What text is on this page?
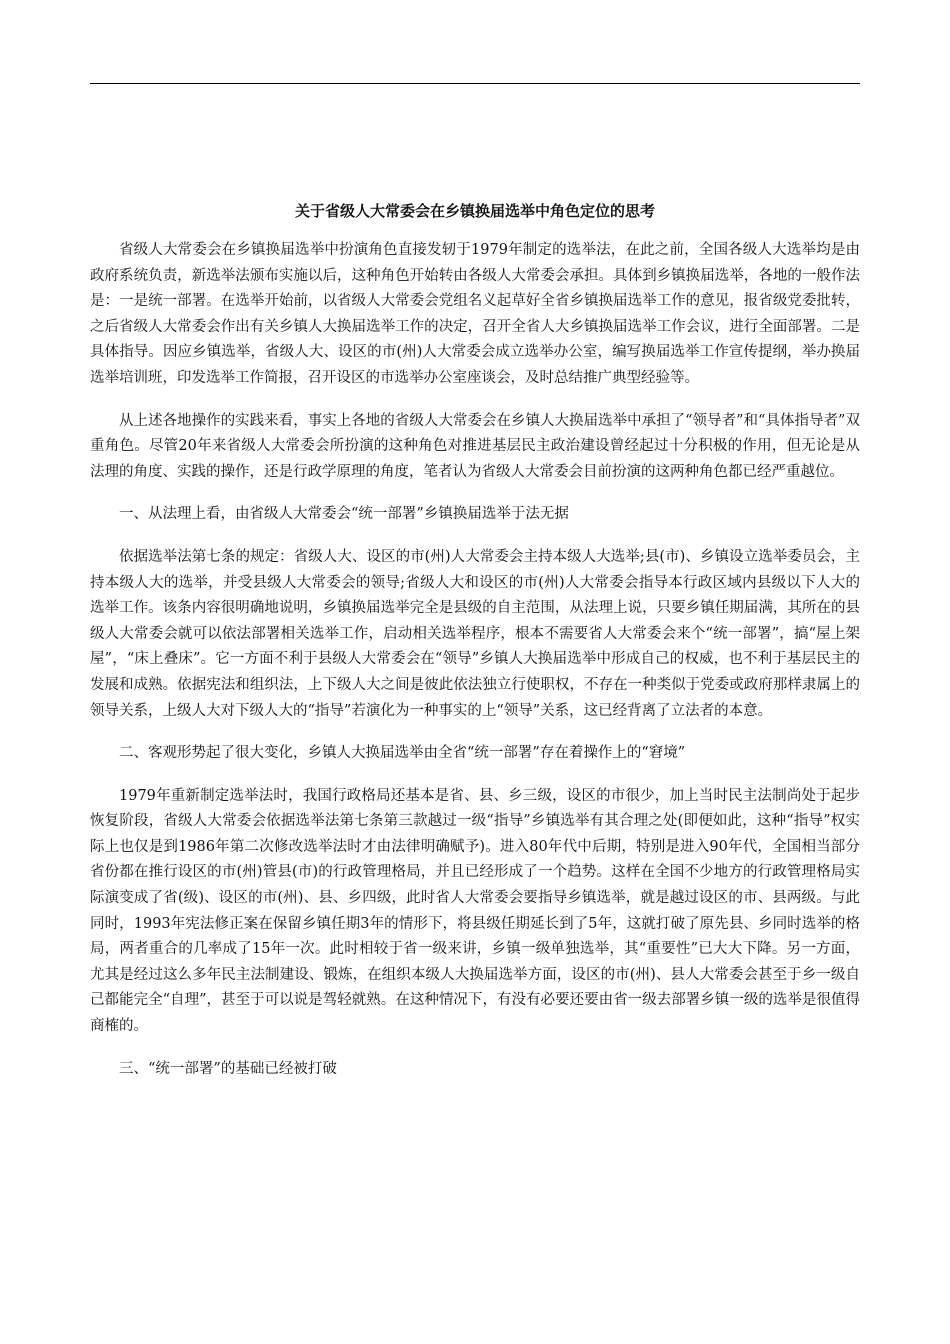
关于省级人大常委会在乡镇换届选举中角色定位的思考

省级人大常委会在乡镇换届选举中扮演角色直接发轫于1979年制定的选举法，在此之前，全国各级人大选举均是由政府系统负责，新选举法颁布实施以后，这种角色开始转由各级人大常委会承担。具体到乡镇换届选举，各地的一般作法是：一是统一部署。在选举开始前，以省级人大常委会党组名义起草好全省乡镇换届选举工作的意见，报省级党委批转，之后省级人大常委会作出有关乡镇人大换届选举工作的决定，召开全省人大乡镇换届选举工作会议，进行全面部署。二是具体指导。因应乡镇选举，省级人大、设区的市(州)人大常委会成立选举办公室，编写换届选举工作宣传提纲，举办换届选举培训班，印发选举工作简报，召开设区的市选举办公室座谈会，及时总结推广典型经验等。

从上述各地操作的实践来看，事实上各地的省级人大常委会在乡镇人大换届选举中承担了“领导者”和“具体指导者”双重角色。尽管20年来省级人大常委会所扮演的这种角色对推进基层民主政治建设曾经起过十分积极的作用，但无论是从法理的角度、实践的操作，还是行政学原理的角度，笔者认为省级人大常委会目前扮演的这两种角色都已经严重越位。

一、从法理上看，由省级人大常委会“统一部署”乡镇换届选举于法无据

依据选举法第七条的规定：省级人大、设区的市(州)人大常委会主持本级人大选举;县(市)、乡镇设立选举委员会，主持本级人大的选举，并受县级人大常委会的领导;省级人大和设区的市(州)人大常委会指导本行政区域内县级以下人大的选举工作。该条内容很明确地说明，乡镇换届选举完全是县级的自主范围，从法理上说，只要乡镇任期届满，其所在的县级人大常委会就可以依法部署相关选举工作，启动相关选举程序，根本不需要省人大常委会来个“统一部署”，搞“屋上架屋”，“床上叠床”。它一方面不利于县级人大常委会在“领导”乡镇人大换届选举中形成自己的权威，也不利于基层民主的发展和成熟。依据宪法和组织法，上下级人大之间是彼此依法独立行使职权，不存在一种类似于党委或政府那样隶属上的领导关系，上级人大对下级人大的“指导”若演化为一种事实的上“领导”关系，这已经背离了立法者的本意。

二、客观形势起了很大变化，乡镇人大换届选举由全省“统一部署”存在着操作上的“窘境”

1979年重新制定选举法时，我国行政格局还基本是省、县、乡三级，设区的市很少，加上当时民主法制尚处于起步恢复阶段，省级人大常委会依据选举法第七条第三款越过一级“指导”乡镇选举有其合理之处(即便如此，这种“指导”权实际上也仅是到1986年第二次修改选举法时才由法律明确赋予)。进入80年代中后期，特别是进入90年代，全国相当部分省份都在推行设区的市(州)管县(市)的行政管理格局，并且已经形成了一个趋势。这样在全国不少地方的行政管理格局实际演变成了省(级)、设区的市(州)、县、乡四级，此时省人大常委会要指导乡镇选举，就是越过设区的市、县两级。与此同时，1993年宪法修正案在保留乡镇任期3年的情形下，将县级任期延长到了5年，这就打破了原先县、乡同时选举的格局，两者重合的几率成了15年一次。此时相较于省一级来讲，乡镇一级单独选举，其“重要性”已大大下降。另一方面，尤其是经过这么多年民主法制建设、锻炼，在组织本级人大换届选举方面，设区的市(州)、县人大常委会甚至于乡一级自己都能完全“自理”，甚至于可以说是驾轻就熟。在这种情况下，有没有必要还要由省一级去部署乡镇一级的选举是很值得商榷的。

三、“统一部署”的基础已经被打破
